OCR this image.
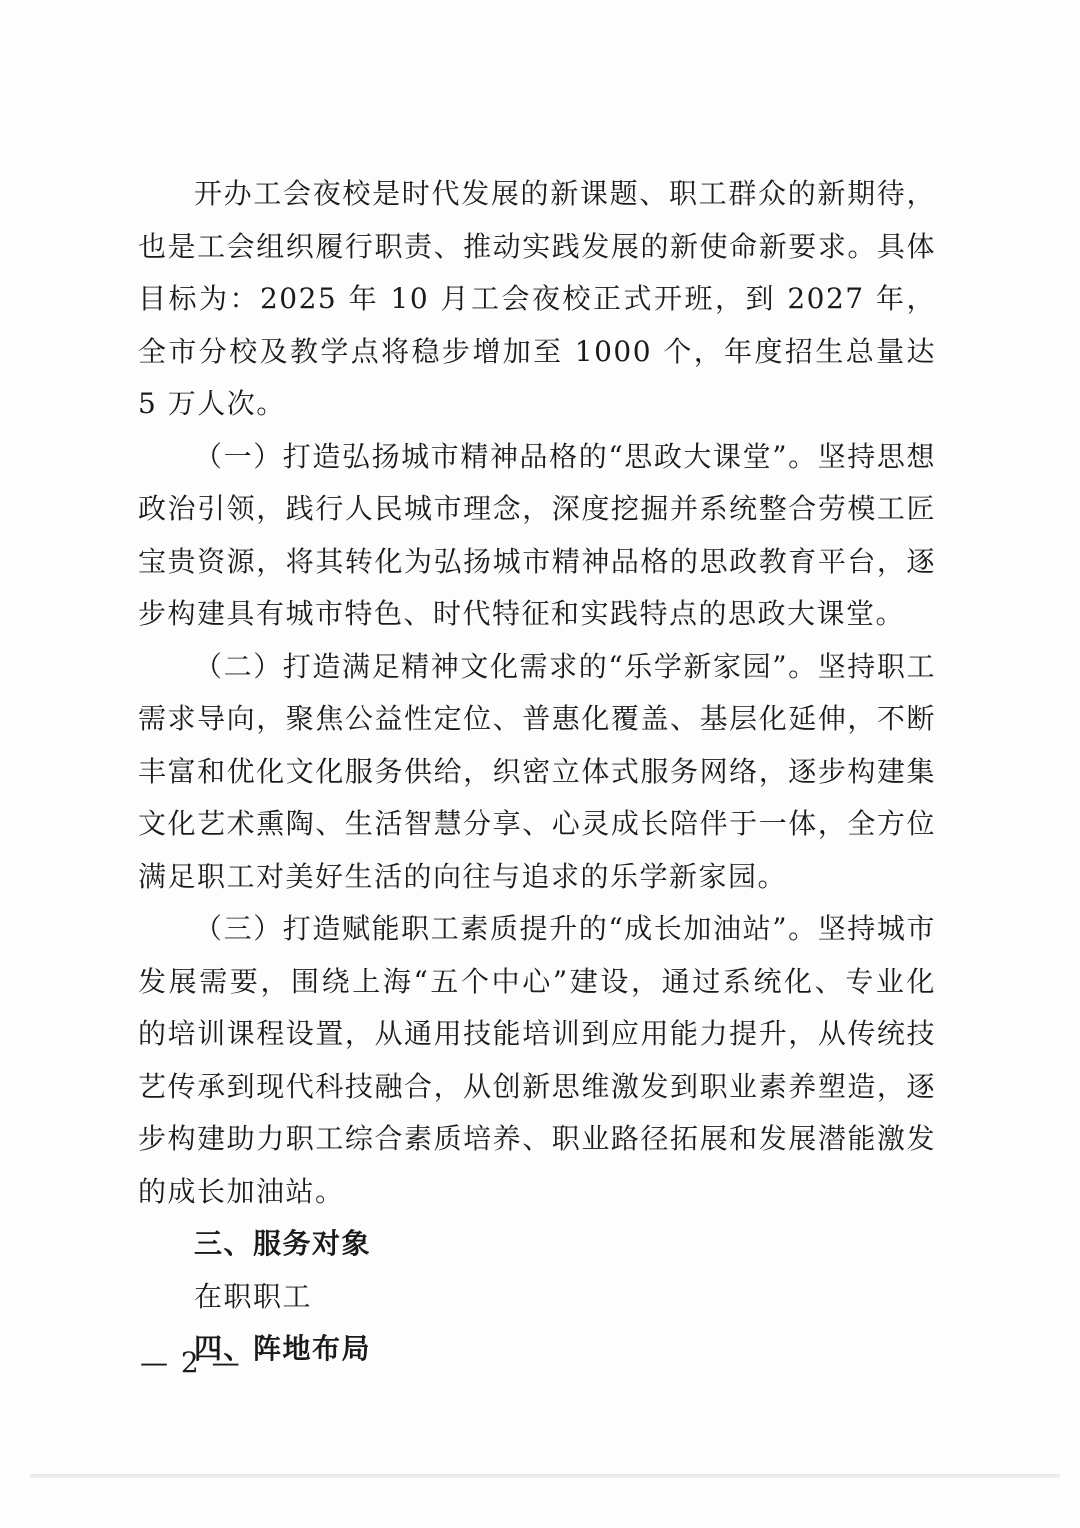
开办工会夜校是时代发展的新课题、职工群众的新期待，也是工会组织履行职责、推动实践发展的新使命新要求。具体目标为：2025 年 10 月工会夜校正式开班，到 2027 年，全市分校及教学点将稳步增加至 1000 个，年度招生总量达 5 万人次。

（一）打造弘扬城市精神品格的“思政大课堂”。坚持思想政治引领，践行人民城市理念，深度挖掘并系统整合劳模工匠宝贵资源，将其转化为弘扬城市精神品格的思政教育平台，逐步构建具有城市特色、时代特征和实践特点的思政大课堂。

（二）打造满足精神文化需求的“乐学新家园”。坚持职工需求导向，聚焦公益性定位、普惠化覆盖、基层化延伸，不断丰富和优化文化服务供给，织密立体式服务网络，逐步构建集文化艺术熏陶、生活智慧分享、心灵成长陪伴于一体，全方位满足职工对美好生活的向往与追求的乐学新家园。

（三）打造赋能职工素质提升的“成长加油站”。坚持城市发展需要，围绕上海“五个中心”建设，通过系统化、专业化的培训课程设置，从通用技能培训到应用能力提升，从传统技艺传承到现代科技融合，从创新思维激发到职业素养塑造，逐步构建助力职工综合素质培养、职业路径拓展和发展潜能激发的成长加油站。

三、服务对象

在职职工

四、阵地布局

— 2 —
